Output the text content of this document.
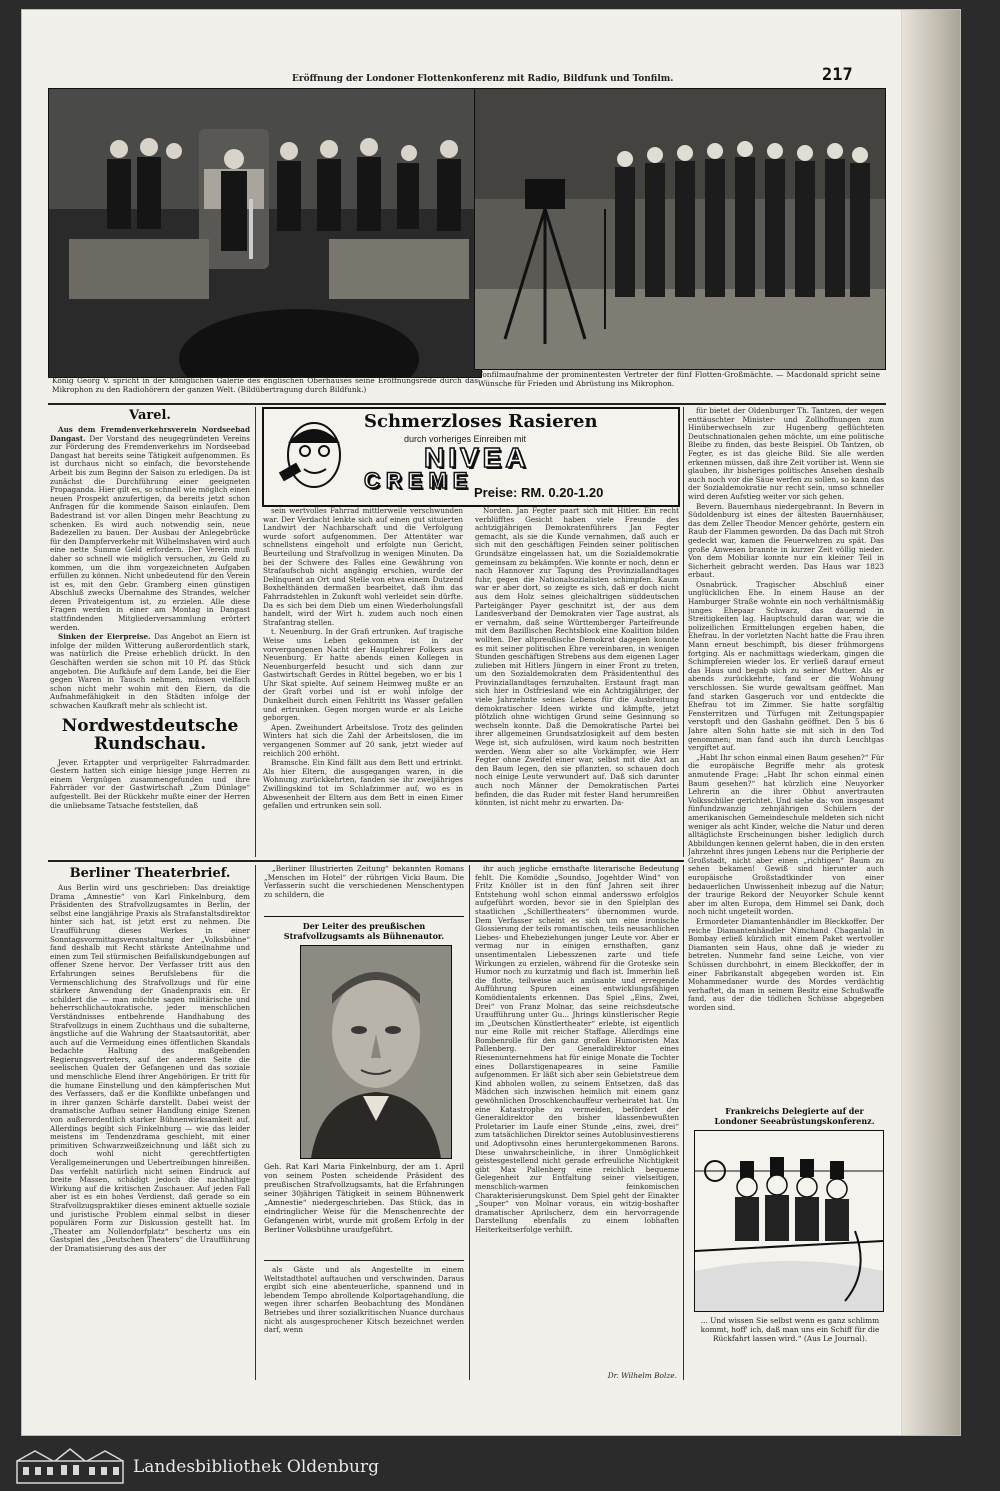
Eröffnung der Londoner Flottenkonferenz mit Radio, Bildfunk und Tonfilm.	217
König Georg V. spricht in der Königlichen Galerie des englischen Oberhauses seine Eröffnungsrede durch das Mikrophon zu den Radiohörern der ganzen Welt. (Bildübertragung durch Bildfunk.)
Tonfilmaufnahme der prominentesten Vertreter der fünf Flotten-Großmächte. — Macdonald spricht seine Wünsche für Frieden und Abrüstung ins Mikrophon.
Varel.

Aus dem Fremdenverkehrsverein Nordseebad Dangast. Der Vorstand des neugegründeten Vereins zur Förderung des Fremdenverkehrs im Nordseebad Dangast hat bereits seine Tätigkeit aufgenommen. Es ist durchaus nicht so einfach, die bevorstehende Arbeit bis zum Beginn der Saison zu erledigen. Da ist zunächst die Durchführung einer geeigneten Propaganda. Hier gilt es, so schnell wie möglich einen neuen Prospekt anzufertigen, da bereits jetzt schon Anfragen für die kommende Saison einlaufen. Dem Badestrand ist vor allen Dingen mehr Beachtung zu schenken. Es wird auch notwendig sein, neue Badezellen zu bauen. Der Ausbau der Anlegebrücke für den Dampferverkehr mit Wilhelmshaven wird auch eine nette Summe Geld erfordern. Der Verein muß daher so schnell wie möglich versuchen, zu Geld zu kommen, um die ihm vorgezeichneten Aufgaben erfüllen zu können. Nicht unbedeutend für den Verein ist es, mit den Gebr. Gramberg einen günstigen Abschluß zwecks Übernahme des Strandes, welcher deren Privateigentum ist, zu erzielen. Alle diese Fragen werden in einer am Montag in Dangast stattfindenden Mitgliederversammlung erörtert werden.

Sinken der Eierpreise. Das Angebot an Eiern ist infolge der milden Witterung außerordentlich stark, was natürlich die Preise erheblich drückt. In den Geschäften werden sie schon mit 10 Pf. das Stück angeboten. Die Aufkäufe auf dem Lande, bei die Eier gegen Waren in Tausch nehmen, müssen vielfach schon nicht mehr wohin mit den Eiern, da die Aufnahmefähigkeit in den Städten infolge der schwachen Kaufkraft mehr als schlecht ist.

Nordwestdeutsche Rundschau.

Jever. Ertappter und verprügelter Fahrradmarder. Gestern hatten sich einige hiesige junge Herren zu einem Vergnügen zusammengefunden und ihre Fahrräder vor der Gastwirtschaft „Zum Dünlage“ aufgestellt. Bei der Rückkehr mußte einer der Herren die unliebsame Tatsache feststellen, daß

Schmerzloses Rasieren
durch vorheriges Einreiben mit
NIVEA
CREME Preise: RM. 0.20-1.20

sein wertvolles Fahrrad mittlerweile verschwunden war. Der Verdacht lenkte sich auf einen gut situierten Landwirt der Nachbarschaft und die Verfolgung wurde sofort aufgenommen. Der Attentäter war schnellstens eingeholt und erfolgte nun Gericht, Beurteilung und Strafvollzug in wenigen Minuten. Da bei der Schwere des Falles eine Gewährung von Strafaufschub nicht angängig erschien, wurde der Delinquent an Ort und Stelle von etwa einem Dutzend Boxhelthänden dermaßen bearbeitet, daß ihm das Fahrradstehlen in Zukunft wohl verleidet sein dürfte. Da es sich bei dem Dieb um einen Wiederholungsfall handelt, wird der Wirt h. zudem auch noch einen Strafantrag stellen.

t. Neuenburg. In der Grafi ertrunken. Auf tragische Weise ums Leben gekommen ist in der vorvergangenen Nacht der Hauptlehrer Folkers aus Neuenburg. Er hatte abends einen Kollegen in Neuenburgerfeld besucht und sich dann zur Gastwirtschaft Gerdes in Rüttel begeben, wo er bis 1 Uhr Skat spielte. Auf seinem Heimweg mußte er an der Graft vorbei und ist er wohl infolge der Dunkelheit durch einen Fehltritt ins Wasser gefallen und ertrunken. Gegen morgen wurde er als Leiche geborgen.

Apen. Zweihundert Arbeitslose. Trotz des gelinden Winters hat sich die Zahl der Arbeitslosen, die im vergangenen Sommer auf 20 sank, jetzt wieder auf reichlich 200 erhöht.

Bramsche. Ein Kind fällt aus dem Bett und ertrinkt. Als hier Eltern, die ausgegangen waren, in die Wohnung zurückkehrten, fanden sie ihr zweijähriges Zwillingskind tot im Schlafzimmer auf, wo es in Abwesenheit der Eltern aus dem Bett in einen Eimer gefallen und ertrunken sein soll.

Norden. Jan Fegter paart sich mit Hitler. Ein recht verblüfftes Gesicht haben viele Freunde des achtzigjährigen Demokratenführers Jan Fegter gemacht, als sie die Kunde vernahmen, daß auch er sich mit den geschäftigen Feinden seiner politischen Grundsätze eingelassen hat, um die Sozialdemokratie gemeinsam zu bekämpfen. Wie konnte er noch, denn er nach Hannover zur Tagung des Provinziallandtages fuhr, gegen die Nationalsozialisten schimpfen. Kaum war er aber dort, so zeigte es sich, daß er doch nicht aus dem Holz seines gleichaltrigen süddeutschen Parteigänger Payer geschnitzt ist, der aus dem Landesverband der Demokraten vier Tage austrat, als er vernahm, daß seine Württemberger Parteifreunde mit dem Bazillischen Rechtsblock eine Koalition bilden wollten. Der altpreußische Demokrat dagegen konnte es mit seiner politischen Ehre vereinbaren, in wenigen Stunden geschäftigen Strebens aus dem eigenen Lager zulieben mit Hitlers Jüngern in einer Front zu treten, um den Sozialdemokraten dem Präsidententhul des Provinziallandtages fernzuhalten. Erstaunt fragt man sich hier in Ostfriesland wie ein Achtzigjähriger, der viele Jahrzehnte seines Lebens für die Ausbreitung demokratischer Ideen wirkte und kämpfte, jetzt plötzlich ohne wichtigen Grund seine Gesinnung so wechseln konnte. Daß die Demokratische Partei bei ihrer allgemeinen Grundsatzlosigkeit auf dem besten Wege ist, sich aufzulösen, wird kaum noch bestritten werden. Wenn aber so alte Vorkämpfer, wie Herr Fegter ohne Zweifel einer war, selbst mit die Axt an den Baum legen, den sie pflanzten, so schauen doch noch einige Leute verwundert auf. Daß sich darunter auch noch Männer der Demokratischen Partei befinden, die das Ruder mit fester Hand herumreißen könnten, ist nicht mehr zu erwarten. Da-

für bietet der Oldenburger Th. Tantzen, der wegen enttäuschter Minister- und Zollhoffnungen zum Hinüberwechseln zur Hugenberg geflüchteten Deutschnationalen gehen möchte, um eine politische Bleibe zu finden, das beste Beispiel. Ob Tantzen, ob Fegter, es ist das gleiche Bild. Sie alle werden erkennen müssen, daß ihre Zeit vorüber ist. Wenn sie glauben, ihr bisheriges politisches Ansehen deshalb auch noch vor die Säue werfen zu sollen, so kann das der Sozialdemokratie nur recht sein, umso schneller wird deren Aufstieg weiter vor sich gehen.

Bevern. Bauernhaus niedergebrannt. In Bevern in Südoldenburg ist eines der ältesten Bauernhäuser, das dem Zeller Theodor Mencer gehörte, gestern ein Raub der Flammen geworden. Da das Dach mit Stroh gedeckt war, kamen die Feuerwehren zu spät. Das große Anwesen brannte in kurzer Zeit völlig nieder. Von dem Mobiliar konnte nur ein kleiner Teil in Sicherheit gebracht werden. Das Haus war 1823 erbaut.

Osnabrück. Tragischer Abschluß einer unglücklichen Ehe. In einem Hause an der Hamburger Straße wohnte ein noch verhältnismäßig junges Ehepaar Schwarz, das dauernd in Streitigkeiten lag. Hauptschuld daran war, wie die polizeilichen Ermittelungen ergeben haben, die Ehefrau. In der vorletzten Nacht hatte die Frau ihren Mann erneut beschimpft, bis dieser frühmorgens fortging. Als er nachmittags wiederkam, gingen die Schimpfereien wieder los. Er verließ darauf erneut das Haus und begab sich zu seiner Mutter. Als er abends zurückkehrte, fand er die Wohnung verschlossen. Sie wurde gewaltsam geöffnet. Man fand starken Gasgeruch vor und entdeckte die Ehefrau tot im Zimmer. Sie hatte sorgfältig Fensterritzen und Türfugen mit Zeitungspapier verstopft und den Gashahn geöffnet. Den 5 bis 6 Jahre alten Sohn hatte sie mit sich in den Tod genommen; man fand auch ihn durch Leuchtgas vergiftet auf.

„Habt Ihr schon einmal einen Baum gesehen?“ Für die europäische Begriffe mehr als grotesk anmutende Frage: „Habt Ihr schon einmal einen Baum gesehen?“ hat kürzlich eine Neuyorker Lehrerin an die ihrer Obhut anvertrauten Volksschüler gerichtet. Und siehe da: von insgesamt fünfundzwanzig zehnjährigen Schülern der amerikanischen Gemeindeschule meldeten sich nicht weniger als acht Kinder, welche die Natur und deren alltäglichste Erscheinungen bisher lediglich durch Abbildungen kennen gelernt haben, die in den ersten Jahrzehnt ihres jungen Lebens nur die Peripherie der Großstadt, nicht aber einen „richtigen“ Baum zu sehen bekamen! Gewiß sind hierunter auch europäische Großstadtkinder von einer bedauerlichen Unwissenheit inbezug auf die Natur; der traurige Rekord der Neuyorker Schule kennt aber im alten Europa, dem Himmel sei Dank, doch noch nicht ungeteilt worden.

Ermordeter Diamantenhändler im Bleckkoffer. Der reiche Diamantenhändler Nimchand Chaganlal in Bombay erließ kürzlich mit einem Paket wertvoller Diamanten sein Haus, ohne daß je wieder zu betreten. Nunmehr fand seine Leiche, von vier Schüssen durchbohrt, in einem Bleckkoffer, der in einer Fabrikanstalt abgegeben worden ist. Ein Mohammedaner wurde des Mordes verdächtig verhaftet, da man in seinem Besitz eine Schußwaffe fand, aus der die tödlichen Schüsse abgegeben worden sind.

Frankreichs Delegierte auf der Londoner Seeabrüstungskonferenz.
... Und wissen Sie selbst wenn es ganz schlimm kommt, hoff' ich, daß man uns ein Schiff für die Rückfahrt lassen wird.“ (Aus Le Journal).
Berliner Theaterbrief.

Aus Berlin wird uns geschrieben: Das dreiaktige Drama „Amnestie“ von Karl Finkelnburg, dem Präsidenten des Strafvollzugsamtes in Berlin, der selbst eine langjährige Praxis als Strafanstaltsdirektor hinter sich hat, ist jetzt erst zu nehmen. Die Uraufführung dieses Werkes in einer Sonntagsvormittagsveranstaltung der „Volksbühne“ fand deshalb mit Recht stärkste Anteilnahme und einen zum Teil stürmischen Beifallskundgebungen auf offener Szene hervor. Der Verfasser tritt aus den Erfahrungen seines Berufslebens für die Vermenschlichung des Strafvollzugs und für eine stärkere Anwendung der Gnadenpraxis ein. Er schildert die — man möchte sagen militärische und beherrschlichautokratische, jeder menschlichen Verständnisses entbehrende Handhabung des Strafvollzugs in einem Zuchthaus und die subalterne, ängstliche auf die Wahrung der Staatsautorität, aber auch auf die Vermeidung eines öffentlichen Skandals bedachte Haltung des maßgebenden Regierungsvertreters, auf der anderen Seite die seelischen Qualen der Gefangenen und das soziale und menschliche Elend ihrer Angehörigen. Er tritt für die humane Einstellung und den kämpferischen Mut des Verfassers, daß er die Konflikte unbefangen und in ihrer ganzen Schärfe darstellt. Dabei weist der dramatische Aufbau seiner Handlung einige Szenen von außerordentlich starker Bühnenwirksamkeit auf. Allerdings begibt sich Finkelnburg — wie das leider meistens im Tendenzdrama geschieht, mit einer primitiven Schwarzweißzeichnung und läßt sich zu doch wohl nicht gerechtfertigten Verallgemeinerungen und Uebertreibungen hinreißen. Das verfehlt natürlich nicht seinen Eindruck auf breite Massen, schädigt jedoch die nachhaltige Wirkung auf die kritischen Zuschauer. Auf jeden Fall aber ist es ein hohes Verdienst, daß gerade so ein Strafvollzugspraktiker dieses eminent aktuelle soziale und juristische Problem einmal selbst in dieser populären Form zur Diskussion gestellt hat. Im „Theater am Nollendorfplatz“ beschertz uns ein Gastspiel des „Deutschen Theaters“ die Uraufführung der Dramatisierung des aus der

„Berliner Illustrierten Zeitung“ bekannten Romans „Menschen im Hotel“ der rührigen Vicki Baum. Die Verfasserin sucht die verschiedenen Menschentypen zu schildern, die

Der Leiter des preußischen Strafvollzugsamts als Bühnenautor.
Geh. Rat Karl Maria Finkelnburg, der am 1. April von seinem Posten scheidende Präsident des preußischen Strafvollzugsamts, hat die Erfahrungen seiner 30jährigen Tätigkeit in seinem Bühnenwerk „Amnestie“ niedergeschrieben. Das Stück, das in eindringlicher Weise für die Menschenrechte der Gefangenen wirbt, wurde mit großem Erfolg in der Berliner Volksbühne uraufgeführt.

als Gäste und als Angestellte in einem Weltstadthotel auftauchen und verschwinden. Daraus ergibt sich eine abenteuerliche, spannend und in lebendem Tempo abrollende Kolportagehandlung, die wegen ihrer scharfen Beobachtung des Mondänen Betriebes und ihrer sozialkritischen Nuance durchaus nicht als ausgesprochener Kitsch bezeichnet werden darf, wenn

ihr auch jegliche ernsthafte literarische Bedeutung fehlt. Die Komödie „Soundso, Jogehtder Wind“ von Fritz Knöller ist in den fünf Jahren seit ihrer Entstehung wohl schon einmal andersswo erfolglos aufgeführt worden, bevor sie in den Spielplan des staatlichen „Schillertheaters“ übernommen wurde. Dem Verfasser scheint es sich um eine ironische Glossierung der teils romantischen, teils neusachlichen Liebes- und Ehebeziehungen junger Leute vor. Aber er vermag nur in einigen ernsthaften, ganz unsentimentalen Liebesszenen zarte und tiefe Wirkungen zu erzielen, während für die Groteske sein Humor noch zu kurzatmig und flach ist. Immerhin ließ die flotte, teilweise auch amüsante und erregende Aufführung Spuren eines entwicklungsfähigen Komödientalents erkennen. Das Spiel „Eins, Zwei, Drei“ von Franz Molnar, das seine reichsdeutsche Uraufführung unter Gu... Jhrings künstlerischer Regie im „Deutschen Künstlertheater“ erlebte, ist eigentlich nur eine Rolle mit reicher Staffage. Allerdings eine Bombenrolle für den ganz großen Humoristen Max Pallenberg. Der Generaldirektor eines Riesenunternehmens hat für einige Monate die Tochter eines Dollarstigenapeares in seine Familie aufgenommen. Er läßt sich aber sein Gebietstreue dem Kind abholen wollen, zu seinem Entsetzen, daß das Mädchen sich inzwischen heimlich mit einem ganz gewöhnlichen Droschkenchauffeur verheiratet hat. Um eine Katastrophe zu vermeiden, befördert der Generaldirektor den bisher klassenbewußten Proletarier im Laufe einer Stunde „eins, zwei, drei“ zum tatsächlichen Direktor seines Autoblusinvestierens und Adoptivsohn eines heruntergekommenen Barons. Diese unwahrscheinliche, in ihrer Unmöglichkeit geistesgestellend nicht gerade erfreuliche Nichtigkeit gibt Max Pallenberg eine reichlich bequeme Gelegenheit zur Entfaltung seiner vielseitigen, menschlich-warmen feinkomischen Charakterisierungskunst. Dem Spiel geht der Einakter „Souper“ von Molnar voraus, ein witzig-boshafter dramatischer Aprilscherz, dem ein hervorragende Darstellung ebenfalls zu einem lobhaften Heiterkeitserfolge verhilft.

Dr. Wilhelm Bolze.
Landesbibliothek Oldenburg
